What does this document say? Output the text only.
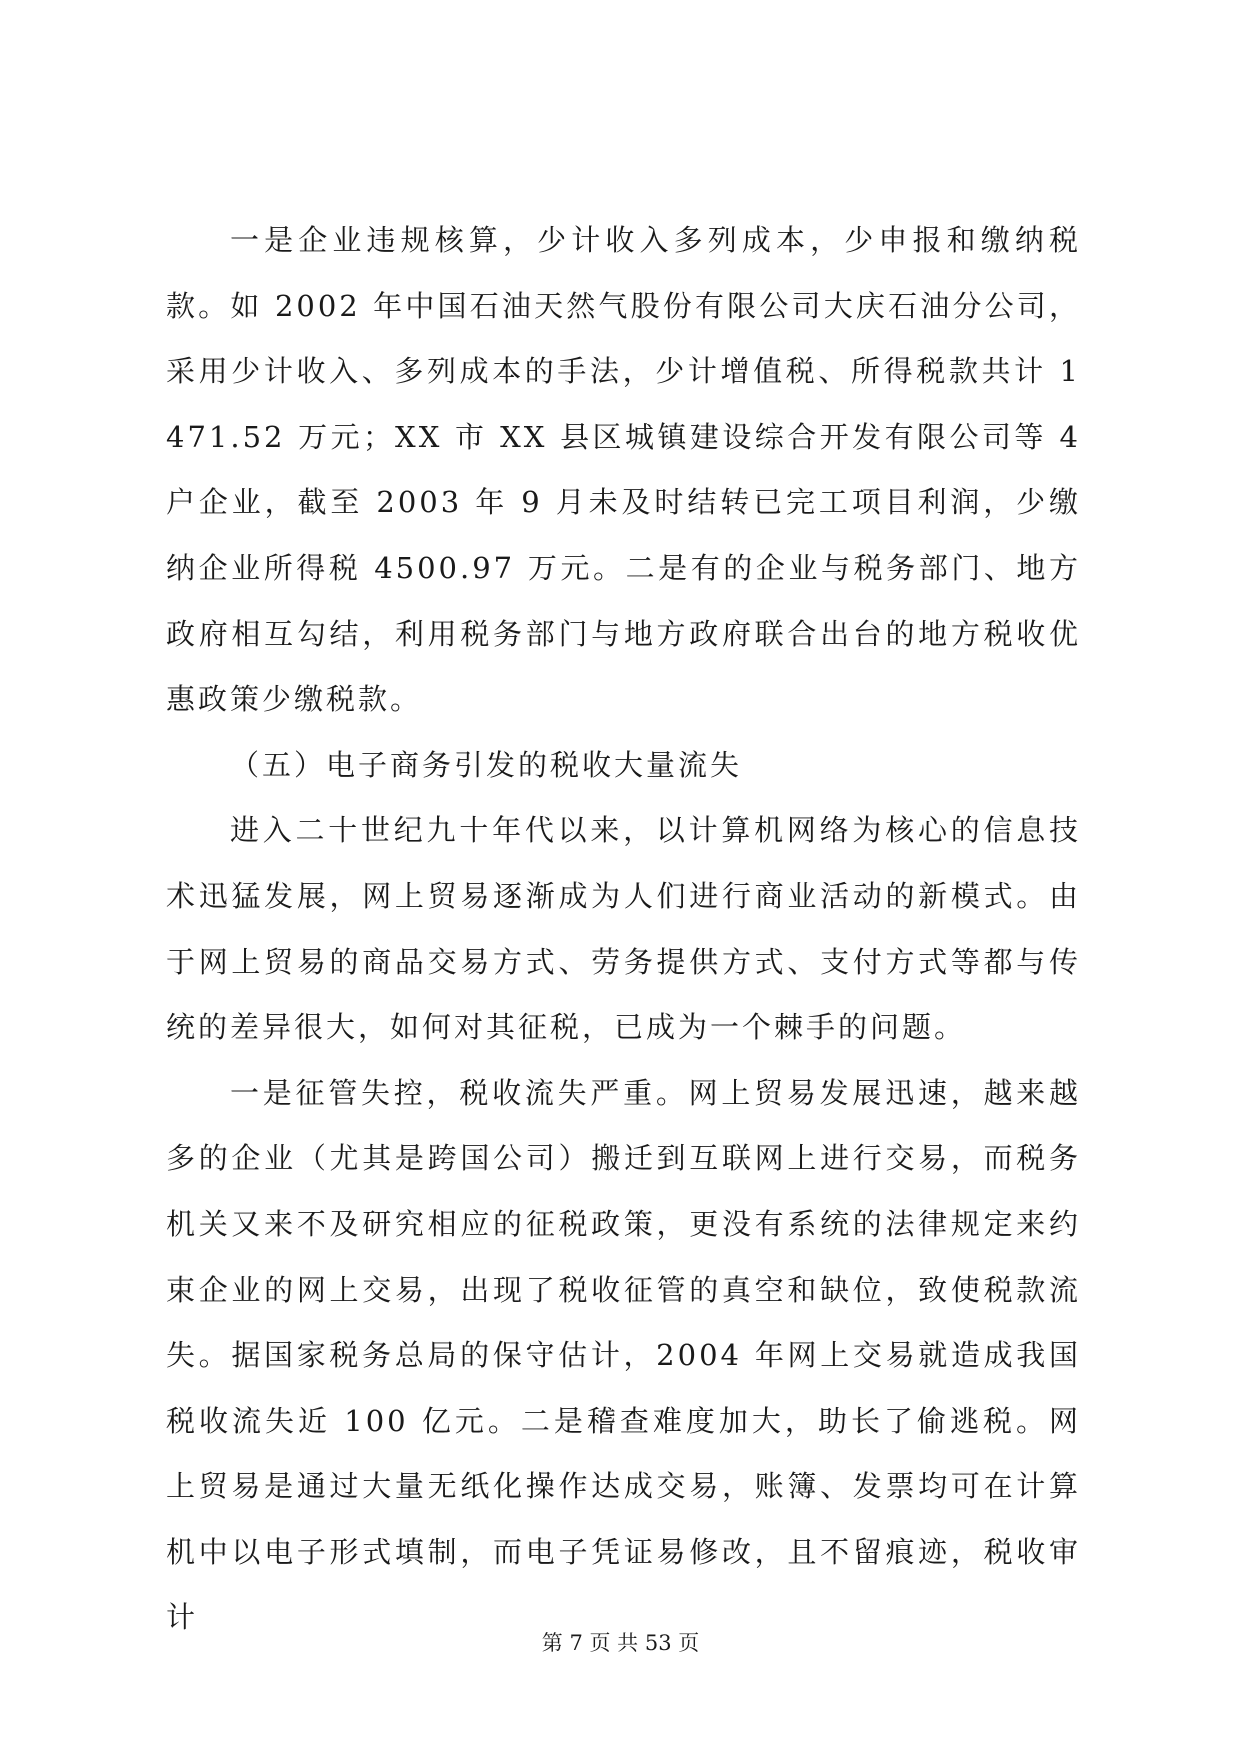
一是企业违规核算，少计收入多列成本，少申报和缴纳税款。如 2002 年中国石油天然气股份有限公司大庆石油分公司，采用少计收入、多列成本的手法，少计增值税、所得税款共计 1471.52 万元；XX 市 XX 县区城镇建设综合开发有限公司等 4 户企业，截至 2003 年 9 月未及时结转已完工项目利润，少缴纳企业所得税 4500.97 万元。二是有的企业与税务部门、地方政府相互勾结，利用税务部门与地方政府联合出台的地方税收优惠政策少缴税款。

（五）电子商务引发的税收大量流失

进入二十世纪九十年代以来，以计算机网络为核心的信息技术迅猛发展，网上贸易逐渐成为人们进行商业活动的新模式。由于网上贸易的商品交易方式、劳务提供方式、支付方式等都与传统的差异很大，如何对其征税，已成为一个棘手的问题。

一是征管失控，税收流失严重。网上贸易发展迅速，越来越多的企业（尤其是跨国公司）搬迁到互联网上进行交易，而税务机关又来不及研究相应的征税政策，更没有系统的法律规定来约束企业的网上交易，出现了税收征管的真空和缺位，致使税款流失。据国家税务总局的保守估计，2004 年网上交易就造成我国税收流失近 100 亿元。二是稽查难度加大，助长了偷逃税。网上贸易是通过大量无纸化操作达成交易，账簿、发票均可在计算机中以电子形式填制，而电子凭证易修改，且不留痕迹，税收审计

第 7 页 共 53 页
